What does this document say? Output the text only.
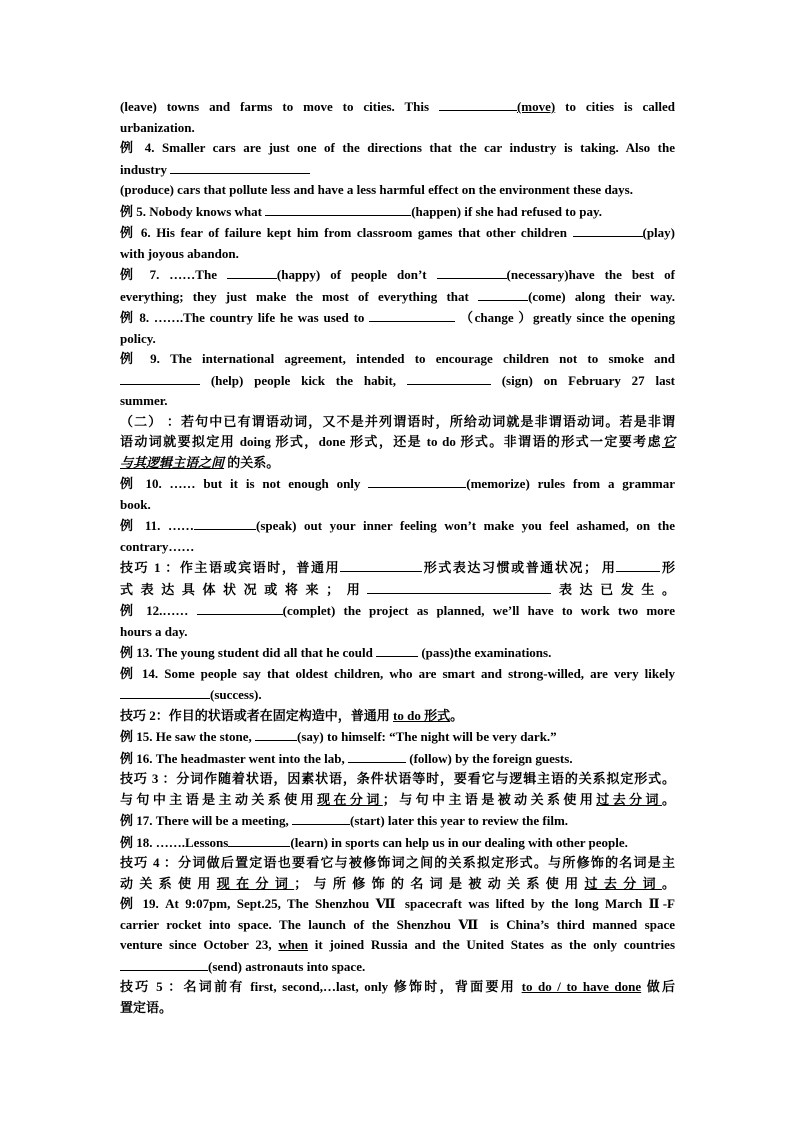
(leave) towns and farms to move to cities. This	(move) to cities is called
urbanization.
例 4. Smaller cars are just one of the directions that the car industry is taking. Also the
industry
(produce) cars that pollute less and have a less harmful effect on the environment these days.
例 5. Nobody knows what	(happen) if she had refused to pay.
例 6. His fear of failure kept him from classroom games that other children	(play)
with joyous abandon.
例 7. ……The	(happy) of people don’t	(necessary)have the best of
everything; they just make the most of everything that	(come) along their way.
例 8. …….The country life he was used to	（change ）greatly since the opening
policy.
例 9. The international agreement, intended to encourage children not to smoke and
(help) people kick the habit,	(sign) on February 27 last
summer.
（二） ：若句中已有谓语动词，又不是并列谓语时，所给动词就是非谓语动词。若是非谓
语动词就要拟定用 doing 形式，done 形式，还是 to do 形式。非谓语的形式一定要考虑它
与其逻辑主语之间 的关系。
例 10. …… but it is not enough only	(memorize) rules from a grammar
book.
例 11. ……	(speak) out your inner feeling won’t make you feel ashamed, on the
contrary……
技巧 1 ：作主语或宾语时，普通用	形式表达习惯或普通状况； 用	形
式表达具体状况或将来；用	表达已发生。
例 12.……	(complet) the project as planned, we’ll have to work two more
hours a day.
例 13. The young student did all that he could	(pass)the examinations.
例 14. Some people say that oldest children, who are smart and strong-willed, are very likely
(success).
技巧 2：作目的状语或者在固定构造中，普通用 to do 形式。
例 15. He saw the stone,	(say) to himself: “The night will be very dark.”
例 16. The headmaster went into the lab,	(follow) by the foreign guests.
技巧 3 ：分词作随着状语，因素状语，条件状语等时，要看它与逻辑主语的关系拟定形式。
与句中主语是主动关系使用现在分词；与句中主语是被动关系使用过去分词。
例 17. There will be a meeting,	(start) later this year to review the film.
例 18. …….Lessons	(learn) in sports can help us in our dealing with other people.
技巧 4 ：分词做后置定语也要看它与被修饰词之间的关系拟定形式。与所修饰的名词是主
动关系使用现在分词；与所修饰的名词是被动关系使用过去分词。
例 19. At 9:07pm, Sept.25, The Shenzhou Ⅶ spacecraft was lifted by the long March Ⅱ-F
carrier rocket into space. The launch of the Shenzhou Ⅶ is China’s third manned space
venture since October 23, when it joined Russia and the United States as the only countries
(send) astronauts into space.
技巧 5 ：名词前有 first, second,…last, only 修饰时，背面要用 to do / to have done 做后
置定语。
